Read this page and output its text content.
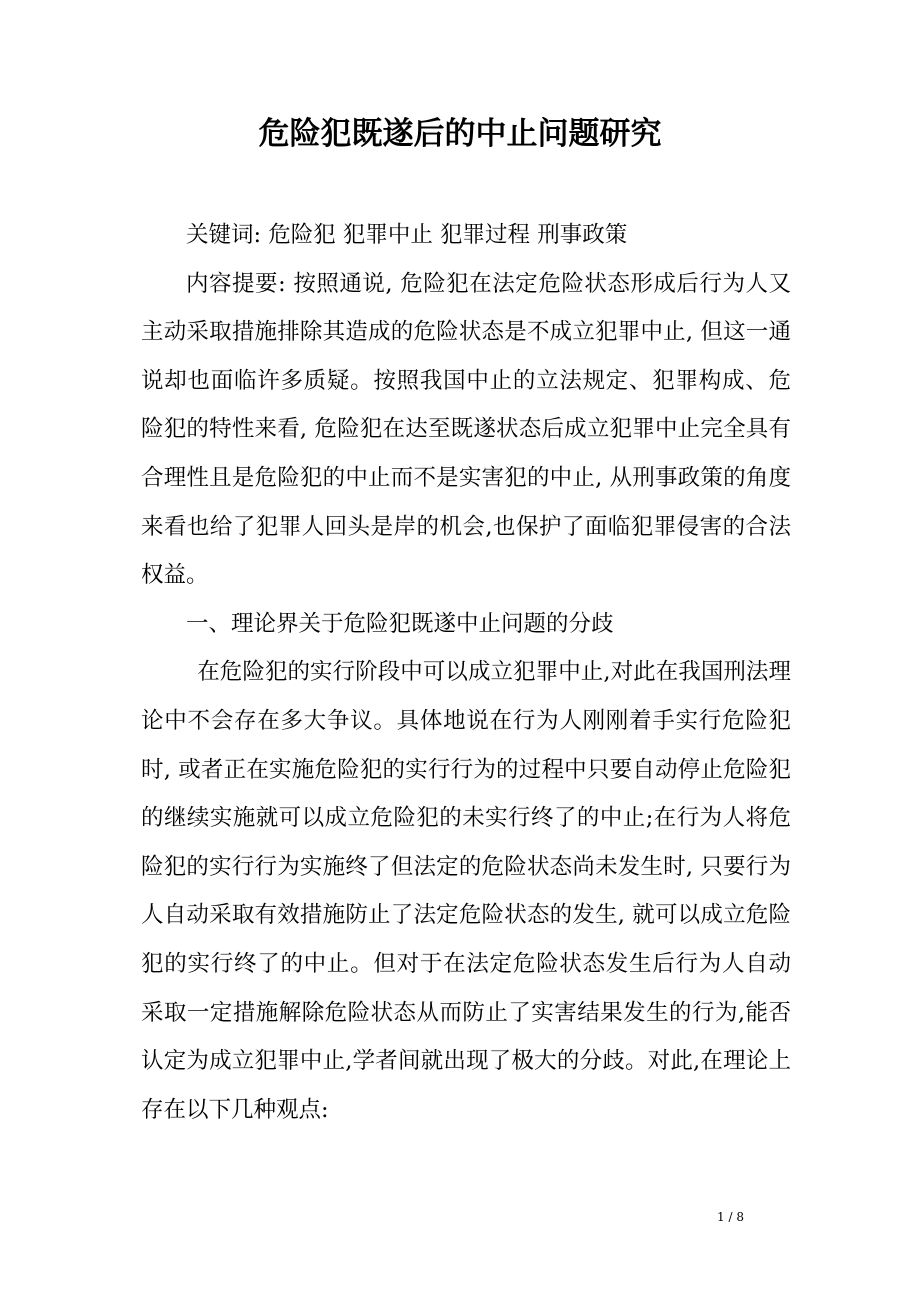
危险犯既遂后的中止问题研究

关键词: 危险犯 犯罪中止 犯罪过程 刑事政策

内容提要: 按照通说, 危险犯在法定危险状态形成后行为人又主动采取措施排除其造成的危险状态是不成立犯罪中止, 但这一通说却也面临许多质疑。按照我国中止的立法规定、犯罪构成、危险犯的特性来看, 危险犯在达至既遂状态后成立犯罪中止完全具有合理性且是危险犯的中止而不是实害犯的中止, 从刑事政策的角度来看也给了犯罪人回头是岸的机会,也保护了面临犯罪侵害的合法权益。

一、理论界关于危险犯既遂中止问题的分歧

在危险犯的实行阶段中可以成立犯罪中止,对此在我国刑法理论中不会存在多大争议。具体地说在行为人刚刚着手实行危险犯时, 或者正在实施危险犯的实行行为的过程中只要自动停止危险犯的继续实施就可以成立危险犯的未实行终了的中止;在行为人将危险犯的实行行为实施终了但法定的危险状态尚未发生时, 只要行为人自动采取有效措施防止了法定危险状态的发生, 就可以成立危险犯的实行终了的中止。但对于在法定危险状态发生后行为人自动采取一定措施解除危险状态从而防止了实害结果发生的行为,能否认定为成立犯罪中止,学者间就出现了极大的分歧。对此,在理论上存在以下几种观点:

1 / 8
